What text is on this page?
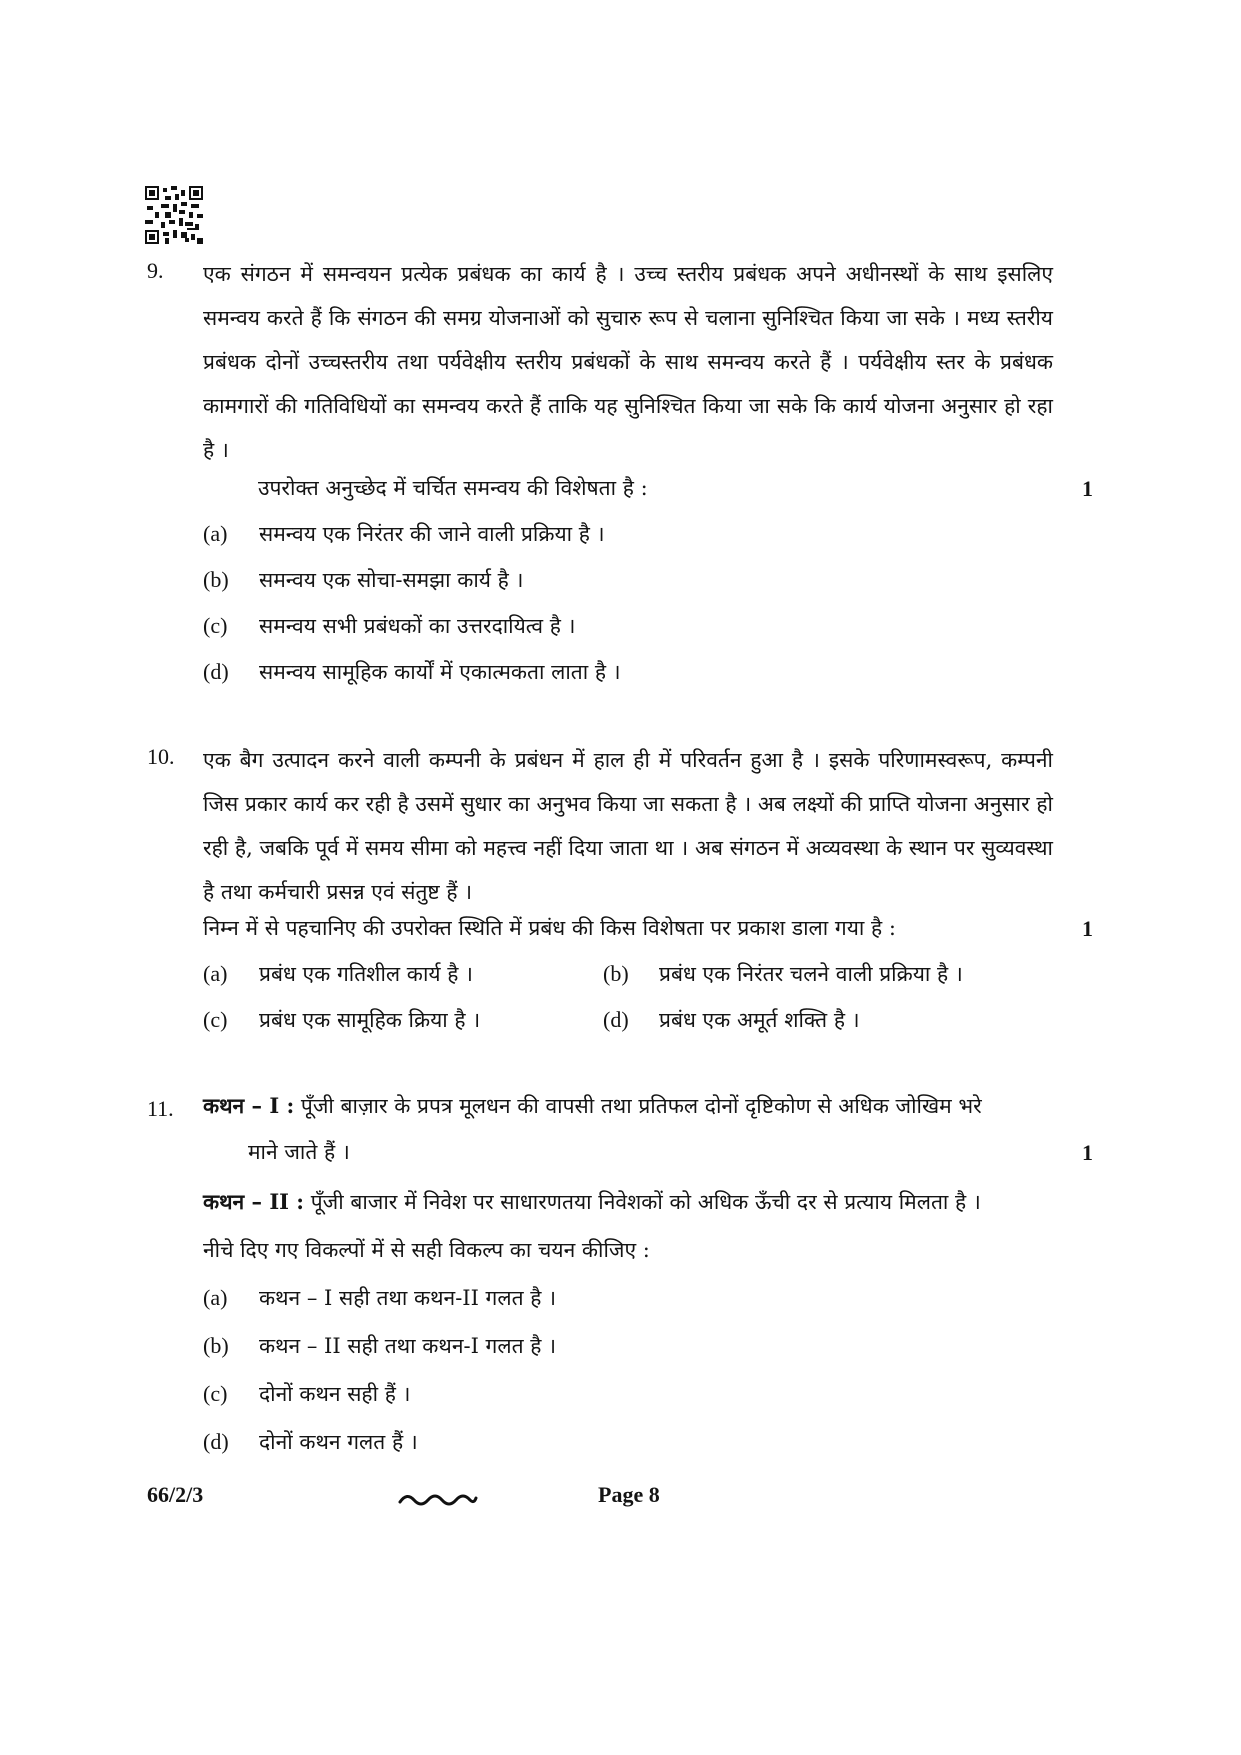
9. एक संगठन में समन्वयन प्रत्येक प्रबंधक का कार्य है । उच्च स्तरीय प्रबंधक अपने अधीनस्थों के साथ इसलिए समन्वय करते हैं कि संगठन की समग्र योजनाओं को सुचारु रूप से चलाना सुनिश्चित किया जा सके । मध्य स्तरीय प्रबंधक दोनों उच्चस्तरीय तथा पर्यवेक्षीय स्तरीय प्रबंधकों के साथ समन्वय करते हैं । पर्यवेक्षीय स्तर के प्रबंधक कामगारों की गतिविधियों का समन्वय करते हैं ताकि यह सुनिश्चित किया जा सके कि कार्य योजना अनुसार हो रहा है ।
उपरोक्त अनुच्छेद में चर्चित समन्वय की विशेषता है :	1
(a) समन्वय एक निरंतर की जाने वाली प्रक्रिया है ।
(b) समन्वय एक सोचा-समझा कार्य है ।
(c) समन्वय सभी प्रबंधकों का उत्तरदायित्व है ।
(d) समन्वय सामूहिक कार्यों में एकात्मकता लाता है ।
10. एक बैग उत्पादन करने वाली कम्पनी के प्रबंधन में हाल ही में परिवर्तन हुआ है । इसके परिणामस्वरूप, कम्पनी जिस प्रकार कार्य कर रही है उसमें सुधार का अनुभव किया जा सकता है । अब लक्ष्यों की प्राप्ति योजना अनुसार हो रही है, जबकि पूर्व में समय सीमा को महत्त्व नहीं दिया जाता था । अब संगठन में अव्यवस्था के स्थान पर सुव्यवस्था है तथा कर्मचारी प्रसन्न एवं संतुष्ट हैं ।
निम्न में से पहचानिए की उपरोक्त स्थिति में प्रबंध की किस विशेषता पर प्रकाश डाला गया है :	1
(a) प्रबंध एक गतिशील कार्य है ।	(b) प्रबंध एक निरंतर चलने वाली प्रक्रिया है ।
(c) प्रबंध एक सामूहिक क्रिया है ।	(d) प्रबंध एक अमूर्त शक्ति है ।
11. कथन – I : पूँजी बाज़ार के प्रपत्र मूलधन की वापसी तथा प्रतिफल दोनों दृष्टिकोण से अधिक जोखिम भरे
माने जाते हैं ।	1
कथन – II : पूँजी बाजार में निवेश पर साधारणतया निवेशकों को अधिक ऊँची दर से प्रत्याय मिलता है ।
नीचे दिए गए विकल्पों में से सही विकल्प का चयन कीजिए :
(a) कथन – I सही तथा कथन-II गलत है ।
(b) कथन – II सही तथा कथन-I गलत है ।
(c) दोनों कथन सही हैं ।
(d) दोनों कथन गलत हैं ।
66/2/3	Page 8
